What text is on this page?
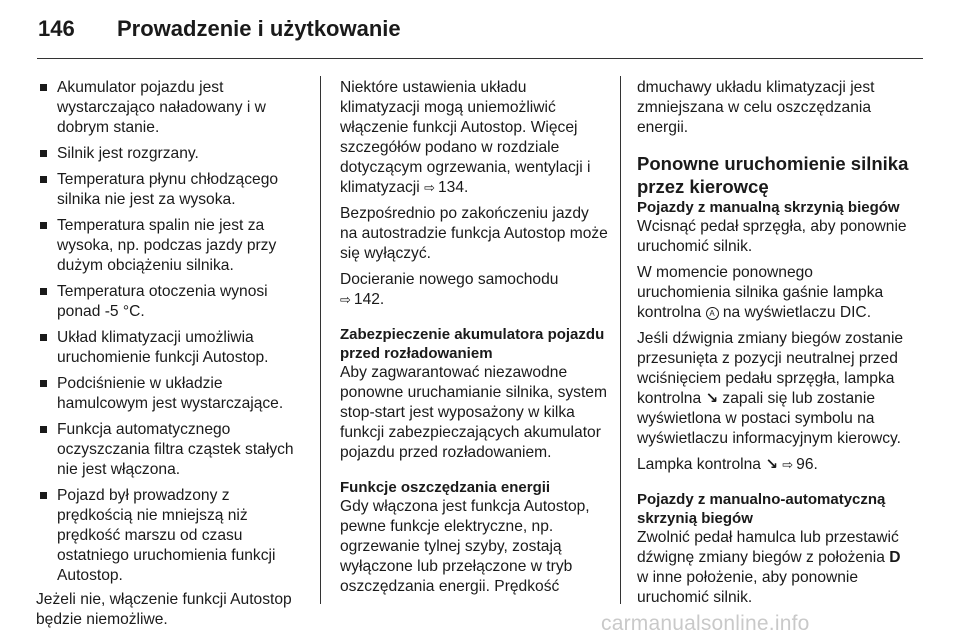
146 Prowadzenie i użytkowanie
Akumulator pojazdu jest wystarczająco naładowany i w dobrym stanie.
Silnik jest rozgrzany.
Temperatura płynu chłodzącego silnika nie jest za wysoka.
Temperatura spalin nie jest za wysoka, np. podczas jazdy przy dużym obciążeniu silnika.
Temperatura otoczenia wynosi ponad -5 °C.
Układ klimatyzacji umożliwia uruchomienie funkcji Autostop.
Podciśnienie w układzie hamulcowym jest wystarczające.
Funkcja automatycznego oczyszczania filtra cząstek stałych nie jest włączona.
Pojazd był prowadzony z prędkością nie mniejszą niż prędkość marszu od czasu ostatniego uruchomienia funkcji Autostop.

Jeżeli nie, włączenie funkcji Autostop będzie niemożliwe.

Niektóre ustawienia układu klimatyzacji mogą uniemożliwić włączenie funkcji Autostop. Więcej szczegółów podano w rozdziale dotyczącym ogrzewania, wentylacji i klimatyzacji ⇨ 134.

Bezpośrednio po zakończeniu jazdy na autostradzie funkcja Autostop może się wyłączyć.

Docieranie nowego samochodu
⇨ 142.

Zabezpieczenie akumulatora pojazdu przed rozładowaniem

Aby zagwarantować niezawodne ponowne uruchamianie silnika, system stop-start jest wyposażony w kilka funkcji zabezpieczających akumulator pojazdu przed rozładowaniem.

Funkcje oszczędzania energii

Gdy włączona jest funkcja Autostop, pewne funkcje elektryczne, np. ogrzewanie tylnej szyby, zostają wyłączone lub przełączone w tryb oszczędzania energii. Prędkość

dmuchawy układu klimatyzacji jest zmniejszana w celu oszczędzania energii.

Ponowne uruchomienie silnika przez kierowcę
Pojazdy z manualną skrzynią biegów

Wcisnąć pedał sprzęgła, aby ponownie uruchomić silnik.

W momencie ponownego uruchomienia silnika gaśnie lampka kontrolna A na wyświetlaczu DIC.

Jeśli dźwignia zmiany biegów zostanie przesunięta z pozycji neutralnej przed wciśnięciem pedału sprzęgła, lampka kontrolna ↘ zapali się lub zostanie wyświetlona w postaci symbolu na wyświetlaczu informacyjnym kierowcy.

Lampka kontrolna ↘ ⇨ 96.

Pojazdy z manualno-automatyczną skrzynią biegów

Zwolnić pedał hamulca lub przestawić dźwignę zmiany biegów z położenia D w inne położenie, aby ponownie uruchomić silnik.

carmanualsonline.info
